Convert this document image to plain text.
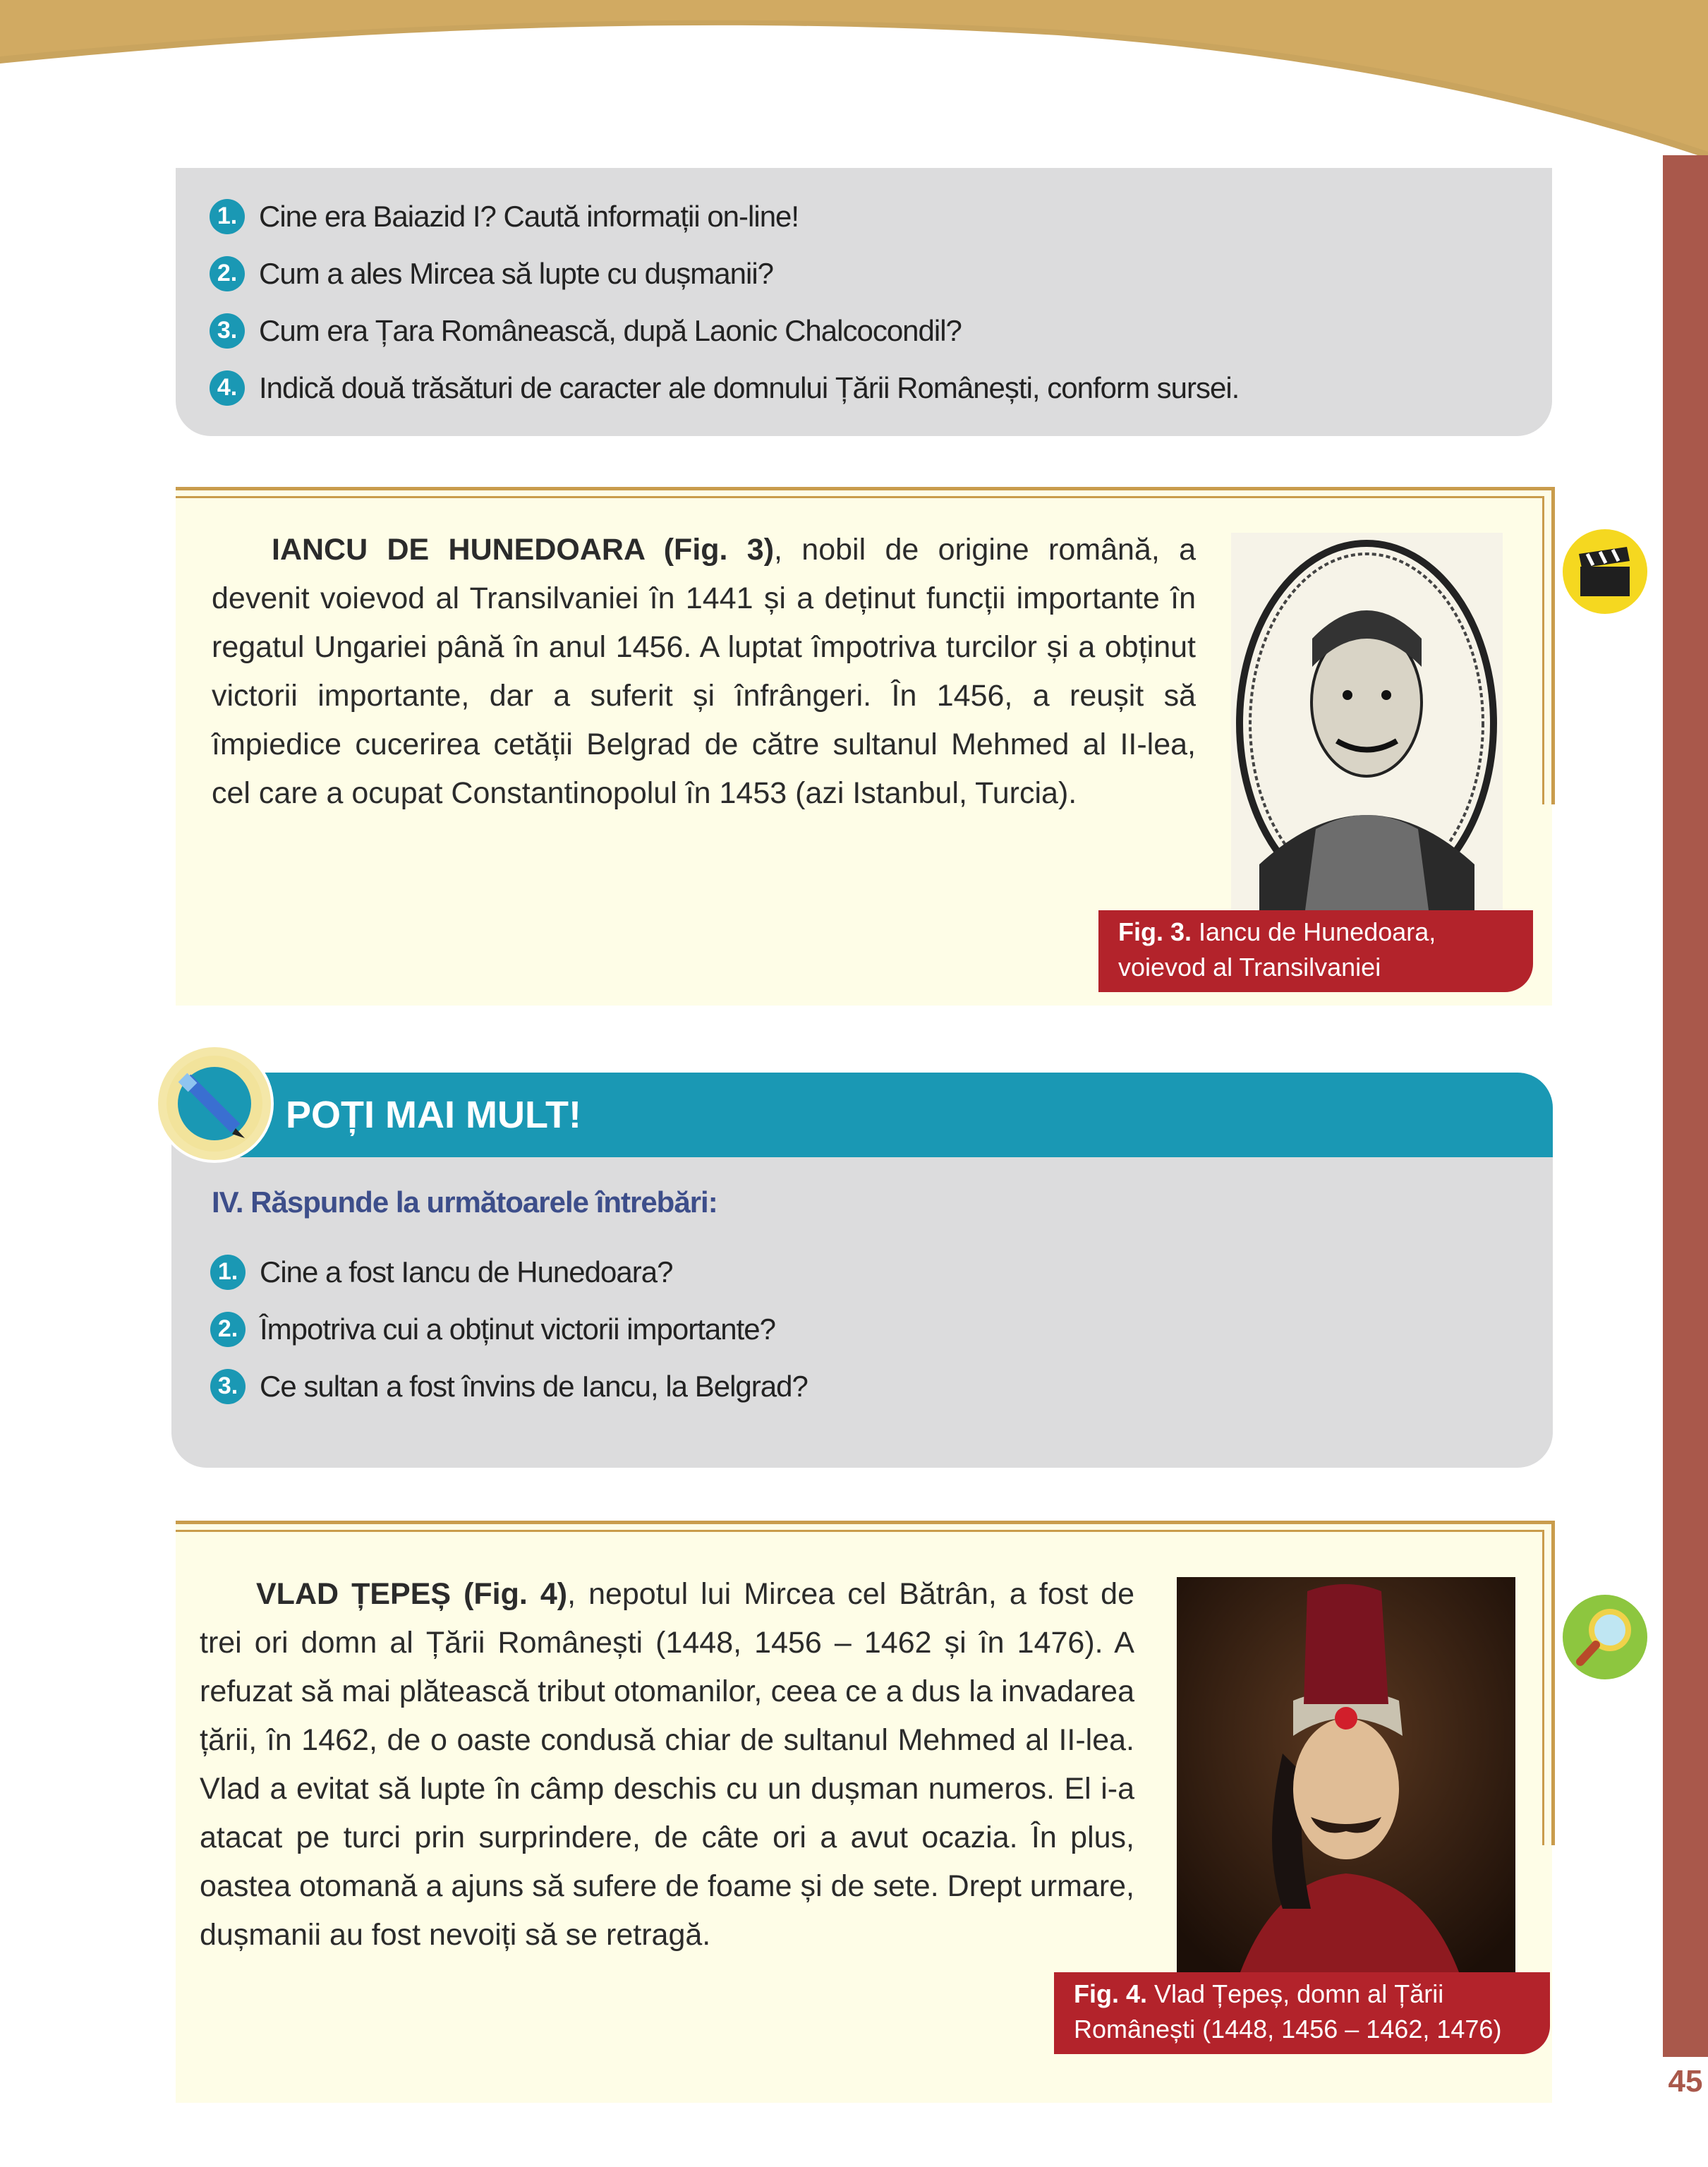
45
1. Cine era Baiazid I? Caută informații on-line!
2. Cum a ales Mircea să lupte cu dușmanii?
3. Cum era Țara Românească, după Laonic Chalcocondil?
4. Indică două trăsături de caracter ale domnului Țării Românești, conform sursei.

IANCU DE HUNEDOARA (Fig. 3), nobil de origine română, a devenit voievod al Transilvaniei în 1441 și a deținut funcții importante în regatul Ungariei până în anul 1456. A luptat împotriva turcilor și a obținut victorii importante, dar a suferit și înfrângeri. În 1456, a reușit să împiedice cucerirea cetății Belgrad de către sultanul Mehmed al II-lea, cel care a ocupat Constantinopolul în 1453 (azi Istanbul, Turcia).

Fig. 3. Iancu de Hunedoara, voievod al Transilvaniei
POȚI MAI MULT!
IV. Răspunde la următoarele întrebări:
1. Cine a fost Iancu de Hunedoara?
2. Împotriva cui a obținut victorii importante?
3. Ce sultan a fost învins de Iancu, la Belgrad?

VLAD ȚEPEȘ (Fig. 4), nepotul lui Mircea cel Bătrân, a fost de trei ori domn al Țării Românești (1448, 1456 – 1462 și în 1476). A refuzat să mai plătească tribut otomanilor, ceea ce a dus la invadarea țării, în 1462, de o oaste condusă chiar de sultanul Mehmed al II-lea. Vlad a evitat să lupte în câmp deschis cu un dușman numeros. El i-a atacat pe turci prin surprindere, de câte ori a avut ocazia. În plus, oastea otomană a ajuns să sufere de foame și de sete. Drept urmare, dușmanii au fost nevoiți să se retragă.

Fig. 4. Vlad Țepeș, domn al Țării Românești (1448, 1456 – 1462, 1476)
